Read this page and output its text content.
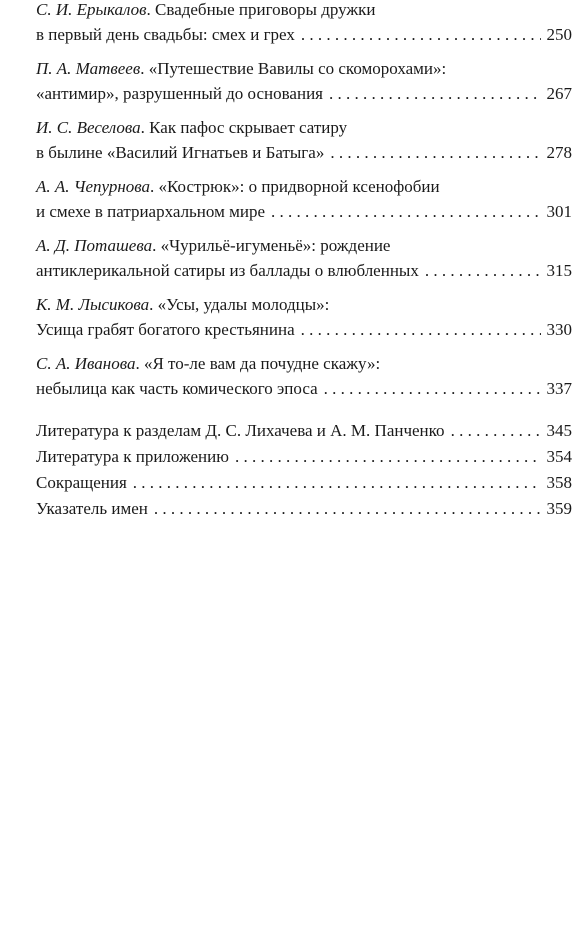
С. И. Ерыкалов. Свадебные приговоры дружки
в первый день свадьбы: смех и грех . . .	250
П. А. Матвеев. «Путешествие Вавилы со скоморохами»:
«антимир», разрушенный до основания . . .	267
И. С. Веселова. Как пафос скрывает сатиру
в былине «Василий Игнатьев и Батыга» . . .	278
А. А. Чепурнова. «Кострюк»: о придворной ксенофобии
и смехе в патриархальном мире . . .	301
А. Д. Поташева. «Чурильё-игуменьё»: рождение
антиклерикальной сатиры из баллады о влюбленных . . .	315
К. М. Лысикова. «Усы, удалы молодцы»:
Усища грабят богатого крестьянина . . .	330
С. А. Иванова. «Я то-ле вам да почудне скажу»:
небылица как часть комического эпоса . . .	337
Литература к разделам Д. С. Лихачева и А. М. Панченко . . .	345
Литература к приложению . . .	354
Сокращения . . .	358
Указатель имен . . .	359
